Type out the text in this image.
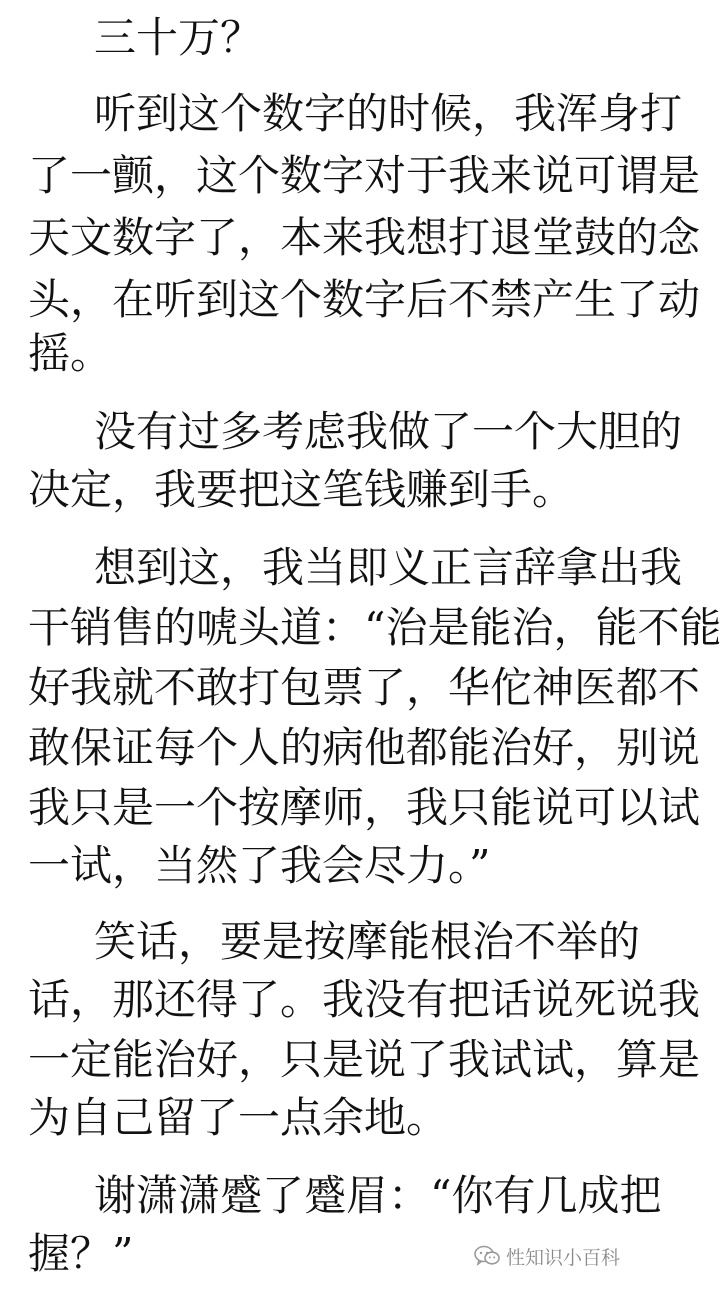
三十万？
听到这个数字的时候，我浑身打
了一颤，这个数字对于我来说可谓是
天文数字了，本来我想打退堂鼓的念
头，在听到这个数字后不禁产生了动
摇。
没有过多考虑我做了一个大胆的
决定，我要把这笔钱赚到手。
想到这，我当即义正言辞拿出我
干销售的唬头道：“治是能治，能不能
好我就不敢打包票了，华佗神医都不
敢保证每个人的病他都能治好，别说
我只是一个按摩师，我只能说可以试
一试，当然了我会尽力。”
笑话，要是按摩能根治不举的
话，那还得了。我没有把话说死说我
一定能治好，只是说了我试试，算是
为自己留了一点余地。
谢潇潇蹙了蹙眉：“你有几成把
握？”	性知识小百科
